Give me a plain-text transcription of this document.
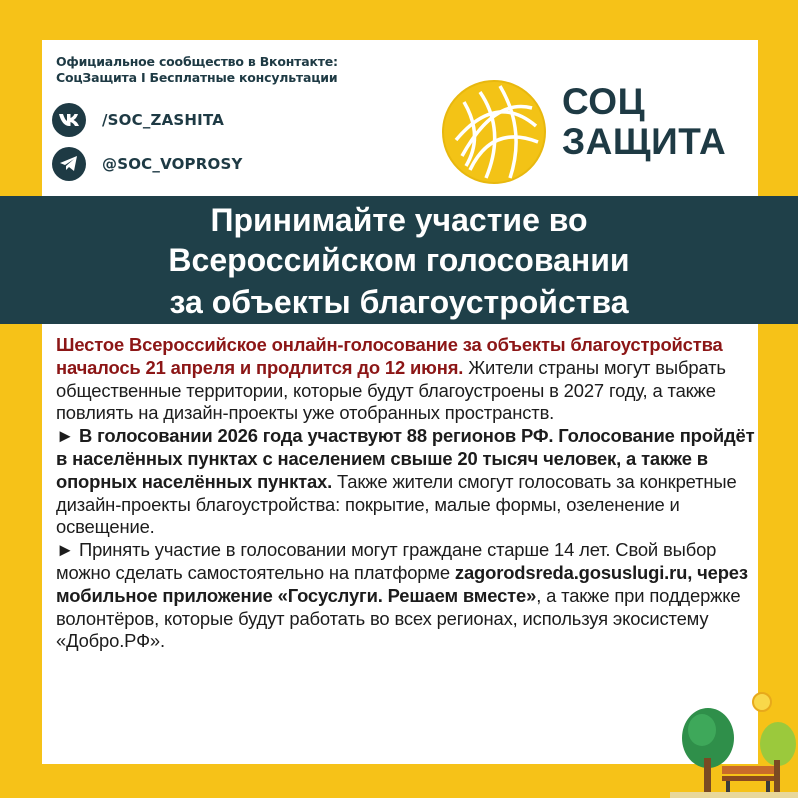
Официальное сообщество в Вконтакте:
СоцЗащита I Бесплатные консультации
/SOC_ZASHITA
@SOC_VOPROSY
СОЦ
ЗАЩИТА
Принимайте участие во
Всероссийском голосовании
за объекты благоустройства
Шестое Всероссийское онлайн-голосование за объекты благоустройства началось 21 апреля и продлится до 12 июня. Жители страны могут выбрать общественные территории, которые будут благоустроены в 2027 году, а также повлиять на дизайн-проекты уже отобранных пространств.
► В голосовании 2026 года участвуют 88 регионов РФ. Голосование пройдёт в населённых пунктах с населением свыше 20 тысяч человек, а также в опорных населённых пунктах. Также жители смогут голосовать за конкретные дизайн-проекты благоустройства: покрытие, малые формы, озеленение и освещение.
► Принять участие в голосовании могут граждане старше 14 лет. Свой выбор можно сделать самостоятельно на платформе zagorodsreda.gosuslugi.ru, через мобильное приложение «Госуслуги. Решаем вместе», а также при поддержке волонтёров, которые будут работать во всех регионах, используя экосистему «Добро.РФ».
